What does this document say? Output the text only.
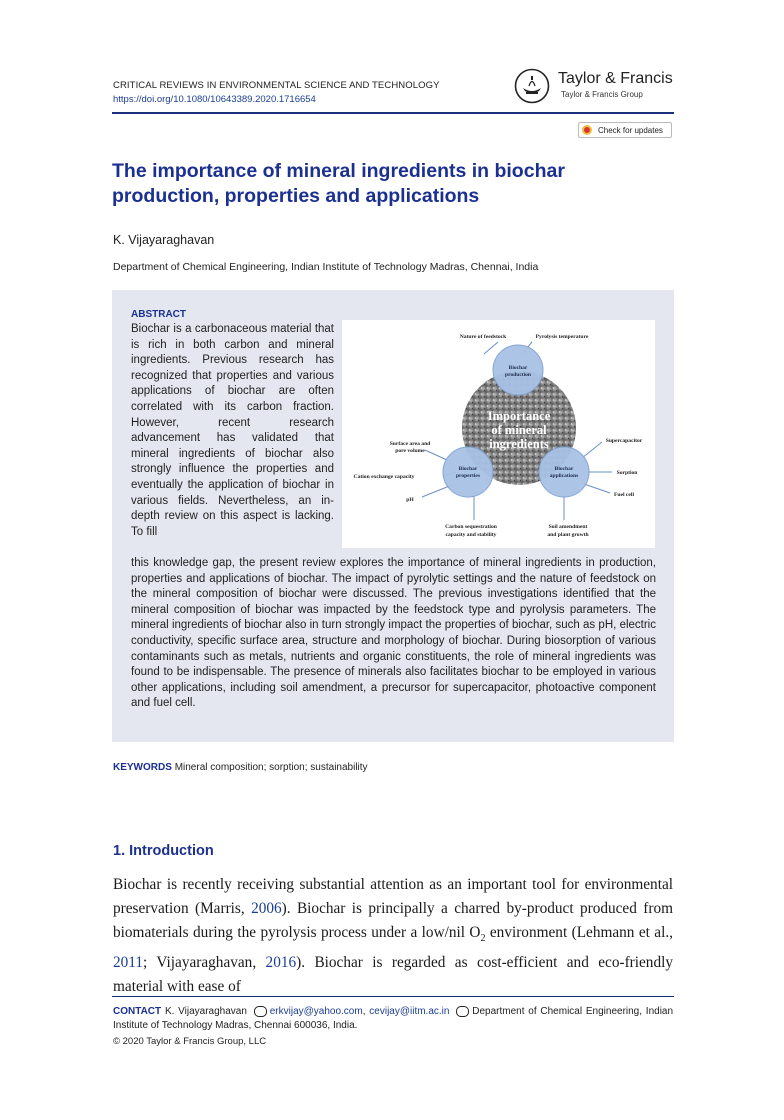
CRITICAL REVIEWS IN ENVIRONMENTAL SCIENCE AND TECHNOLOGY
https://doi.org/10.1080/10643389.2020.1716654
Taylor & Francis
Taylor & Francis Group
Check for updates
The importance of mineral ingredients in biochar production, properties and applications
K. Vijayaraghavan
Department of Chemical Engineering, Indian Institute of Technology Madras, Chennai, India
ABSTRACT
Biochar is a carbonaceous material that is rich in both carbon and mineral ingredients. Previous research has recognized that properties and various applications of biochar are often correlated with its carbon fraction. However, recent research advancement has validated that mineral ingredients of biochar also strongly influence the properties and eventually the application of biochar in various fields. Nevertheless, an in-depth review on this aspect is lacking. To fill
this knowledge gap, the present review explores the importance of mineral ingredients in production, properties and applications of biochar. The impact of pyrolytic settings and the nature of feedstock on the mineral composition of biochar were discussed. The previous investigations identified that the mineral composition of biochar was impacted by the feedstock type and pyrolysis parameters. The mineral ingredients of biochar also in turn strongly impact the properties of biochar, such as pH, electric conductivity, specific surface area, structure and morphology of biochar. During biosorption of various contaminants such as metals, nutrients and organic constituents, the role of mineral ingredients was found to be indispensable. The presence of minerals also facilitates biochar to be employed in various other applications, including soil amendment, a precursor for supercapacitor, photoactive component and fuel cell.
Importance
of mineral
ingredients
Biochar
production
Biochar
properties
Biochar
applications
Nature of feedstock	Pyrolysis temperature
Surface area and
pore volume
Cation exchange capacity
pH
Carbon sequestration
capacity and stability
Supercapacitor
Sorption
Fuel cell
Soil amendment
and plant growth
KEYWORDS Mineral composition; sorption; sustainability
1. Introduction
Biochar is recently receiving substantial attention as an important tool for environmental preservation (Marris, 2006). Biochar is principally a charred by-product produced from biomaterials during the pyrolysis process under a low/nil $O_2$ environment (Lehmann et al., 2011; Vijayaraghavan, 2016). Biochar is regarded as cost-efficient and eco-friendly material with ease of
CONTACT K. Vijayaraghavan erkvijay@yahoo.com, cevijay@iitm.ac.in Department of Chemical Engineering, Indian Institute of Technology Madras, Chennai 600036, India.
© 2020 Taylor & Francis Group, LLC
